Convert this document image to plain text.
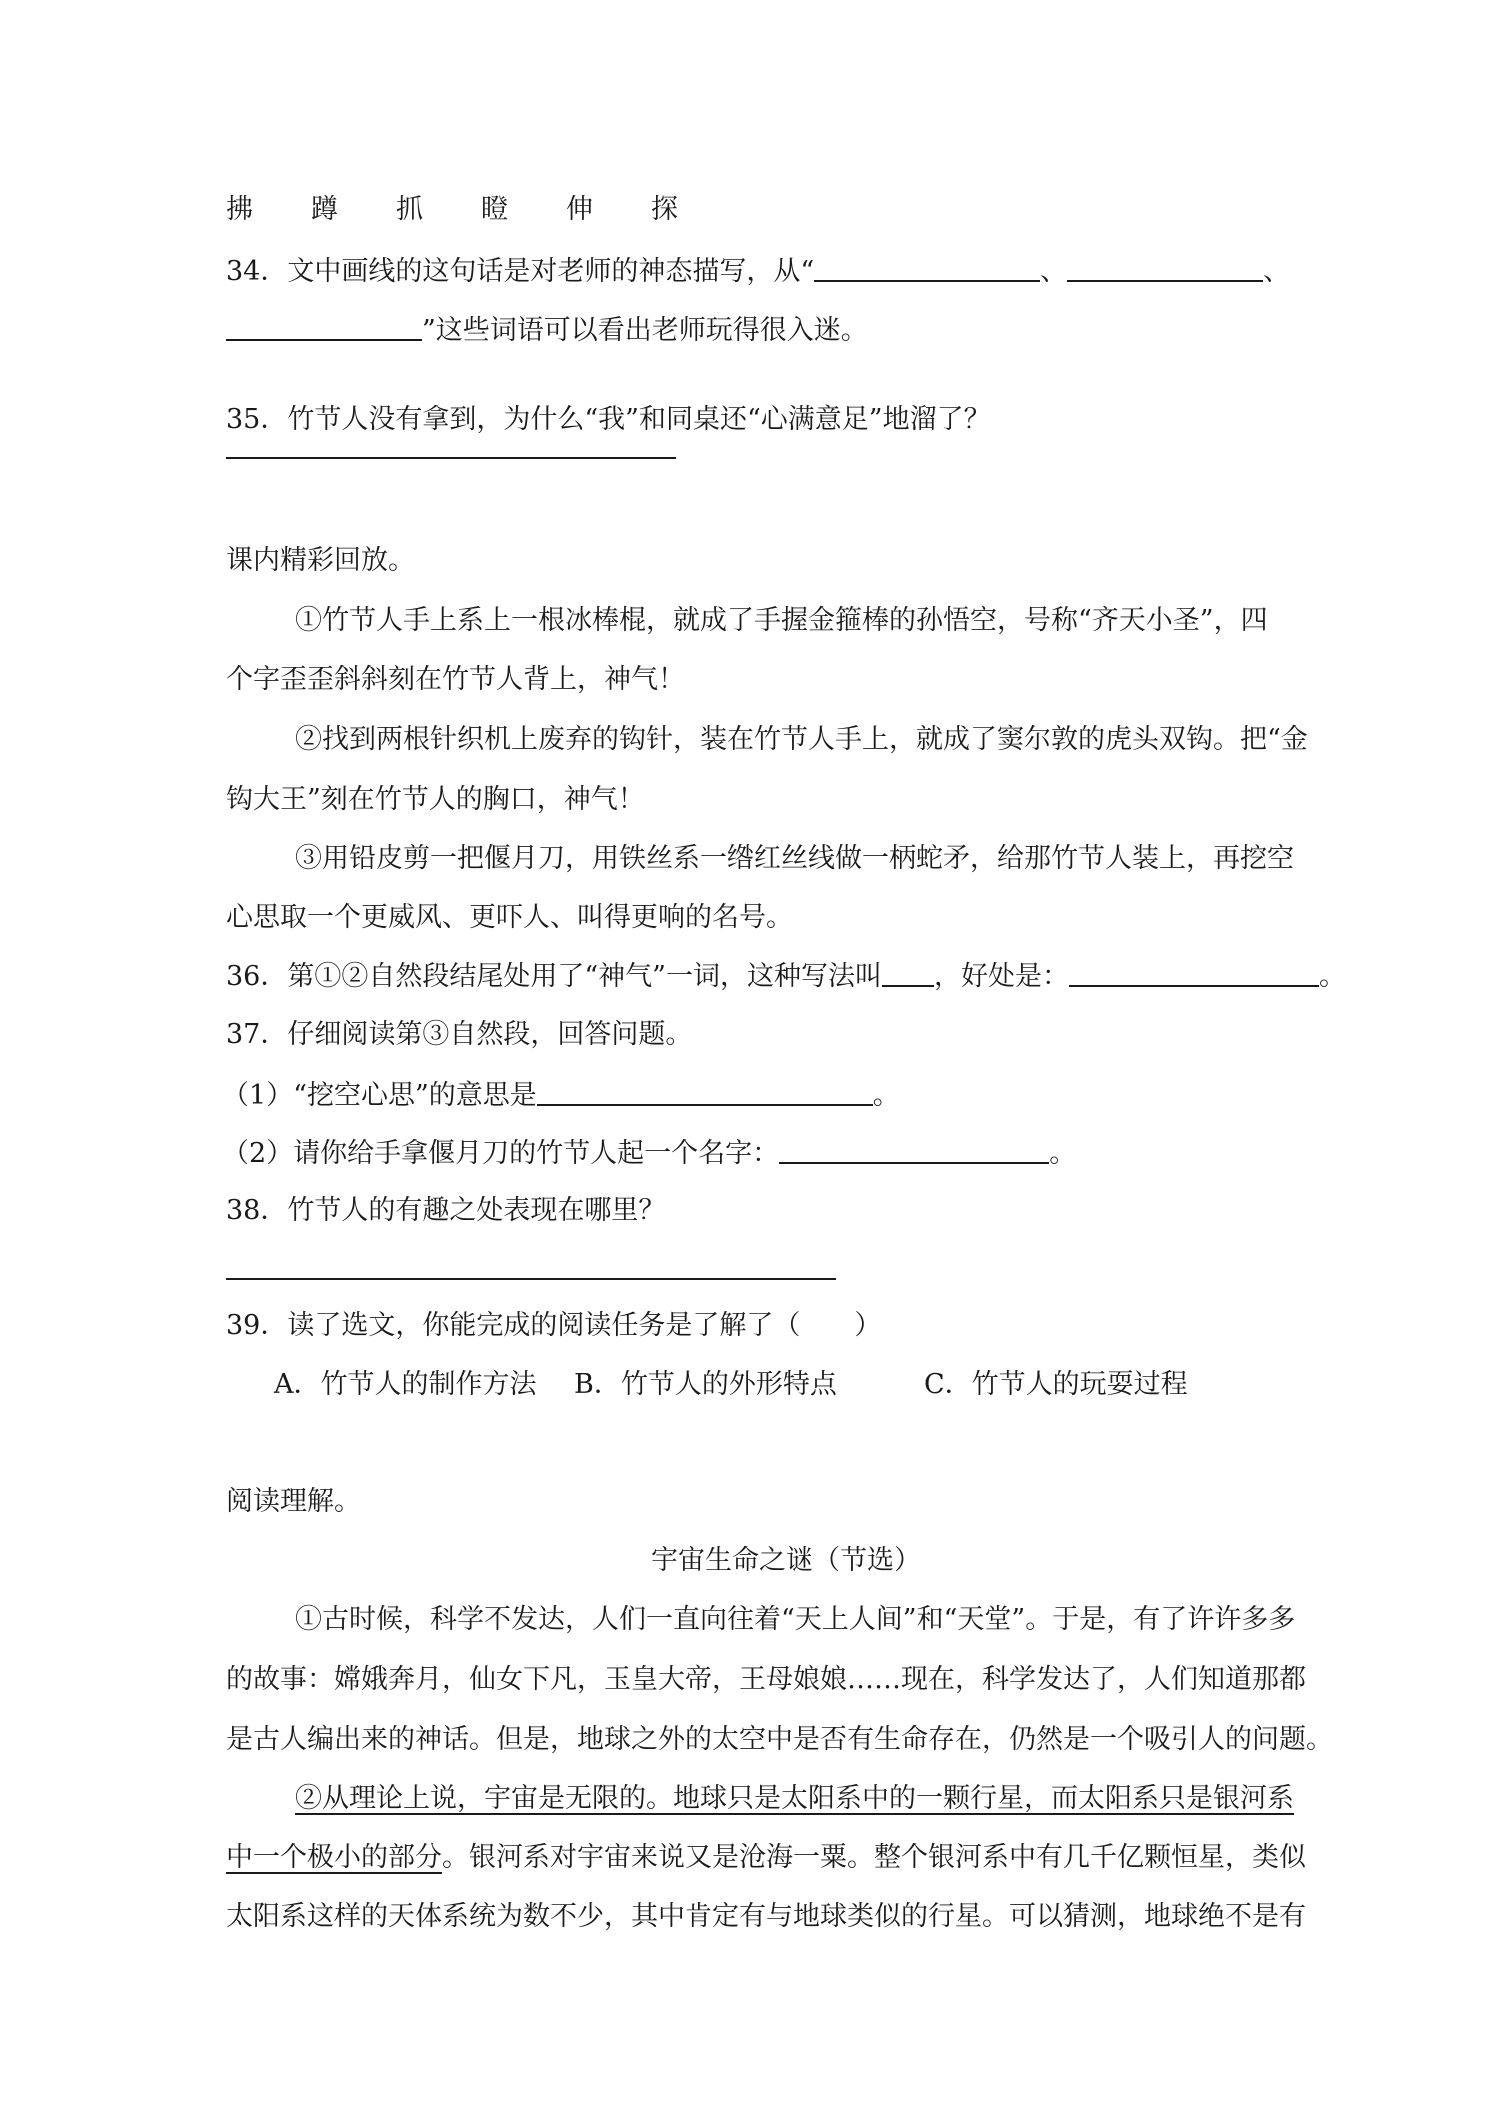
拂 蹲 抓 瞪 伸 探
34．文中画线的这句话是对老师的神态描写，从“	、	、
”这些词语可以看出老师玩得很入迷。
35．竹节人没有拿到，为什么“我”和同桌还“心满意足”地溜了？
课内精彩回放。
①竹节人手上系上一根冰棒棍，就成了手握金箍棒的孙悟空，号称“齐天小圣”，四
个字歪歪斜斜刻在竹节人背上，神气！
②找到两根针织机上废弃的钩针，装在竹节人手上，就成了窦尔敦的虎头双钩。把“金
钩大王”刻在竹节人的胸口，神气！
③用铅皮剪一把偃月刀，用铁丝系一绺红丝线做一柄蛇矛，给那竹节人装上，再挖空
心思取一个更威风、更吓人、叫得更响的名号。
36．第①②自然段结尾处用了“神气”一词，这种写法叫 ，好处是：	。
37．仔细阅读第③自然段，回答问题。
（1）“挖空心思”的意思是	。
（2）请你给手拿偃月刀的竹节人起一个名字：	。
38．竹节人的有趣之处表现在哪里？
39．读了选文，你能完成的阅读任务是了解了（　　）
A．竹节人的制作方法 B．竹节人的外形特点	C．竹节人的玩耍过程
阅读理解。
宇宙生命之谜（节选）
①古时候，科学不发达，人们一直向往着“天上人间”和“天堂”。于是，有了许许多多
的故事：嫦娥奔月，仙女下凡，玉皇大帝，王母娘娘……现在，科学发达了，人们知道那都
是古人编出来的神话。但是，地球之外的太空中是否有生命存在，仍然是一个吸引人的问题。
②从理论上说，宇宙是无限的。地球只是太阳系中的一颗行星，而太阳系只是银河系
中一个极小的部分。银河系对宇宙来说又是沧海一粟。整个银河系中有几千亿颗恒星，类似
太阳系这样的天体系统为数不少，其中肯定有与地球类似的行星。可以猜测，地球绝不是有
